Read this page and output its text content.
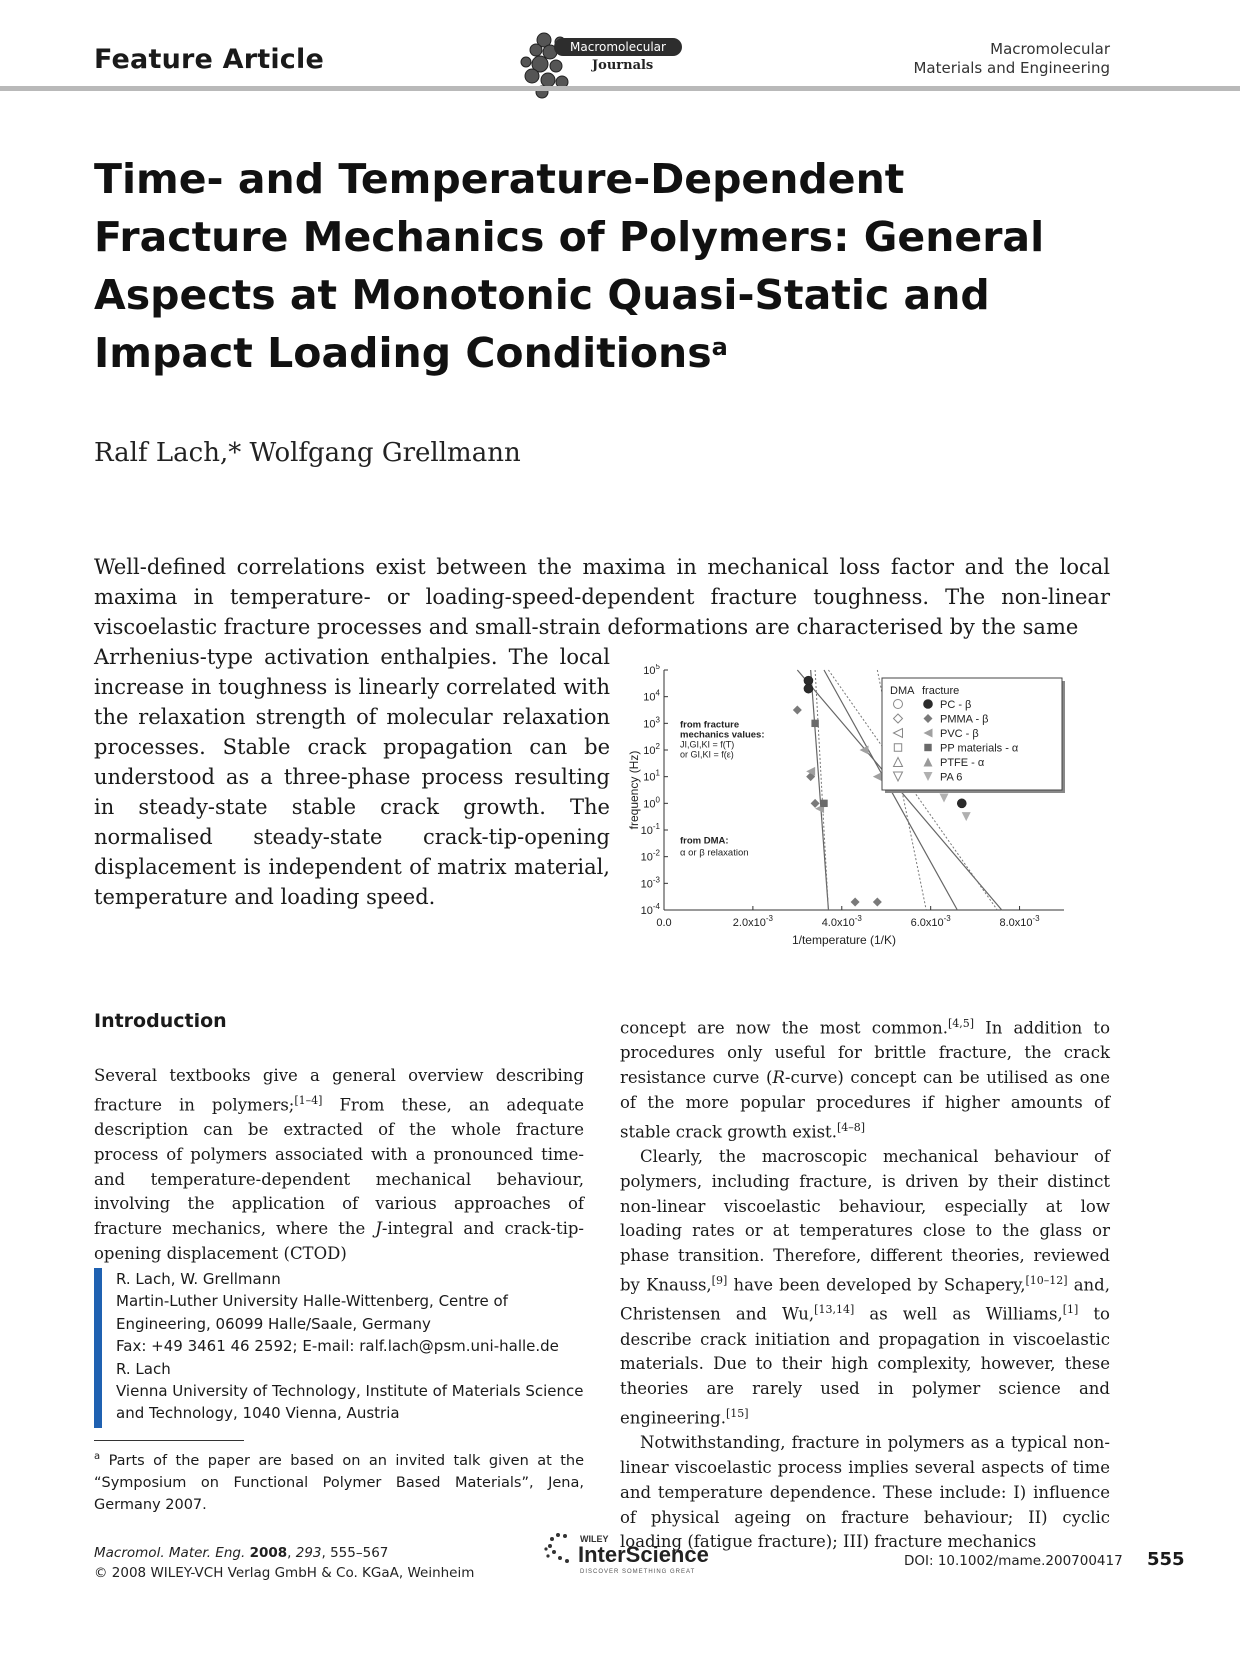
Feature Article	Macromolecular
Journals
Macromolecular
Materials and Engineering
Time- and Temperature-Dependent Fracture Mechanics of Polymers: General Aspects at Monotonic Quasi-Static and Impact Loading Conditions$^a$
Ralf Lach,* Wolfgang Grellmann
Well-defined correlations exist between the maxima in mechanical loss factor and the local maxima in temperature- or loading-speed-dependent fracture toughness. The non-linear viscoelastic fracture processes and small-strain deformations are characterised by the same
Arrhenius-type activation enthalpies. The local increase in toughness is linearly correlated with the relaxation strength of molecular relaxation processes. Stable crack propagation can be understood as a three-phase process resulting in steady-state stable crack growth. The normalised steady-state crack-tip-opening displacement is independent of matrix material, temperature and loading speed.
$10^{-4}$
$10^{-3}$
$10^{-2}$
$10^{-1}$
$10^0$
$10^1$
$10^2$
$10^3$
$10^4$
$10^5$
0.0	$2.0x10^{-3}$	$4.0x10^{-3}$	$6.0x10^{-3}$	$8.0x10^{-3}$
1/temperature (1/K)
frequency (Hz)
from fracture
mechanics values:
JI,GI,KI = f(T)
or GI,KI = f(ε)
from DMA:
α or β relaxation
DMA fracture
PC - β
PMMA - β
PVC - β
PP materials - α
PTFE - α
PA 6
Introduction
Several textbooks give a general overview describing fracture in polymers;[1–4] From these, an adequate description can be extracted of the whole fracture process of polymers associated with a pronounced time- and temperature-dependent mechanical behaviour, involving the application of various approaches of fracture mechanics, where the J-integral and crack-tip-opening displacement (CTOD)
R. Lach, W. Grellmann
Martin-Luther University Halle-Wittenberg, Centre of
Engineering, 06099 Halle/Saale, Germany
Fax: +49 3461 46 2592; E-mail: ralf.lach@psm.uni-halle.de
R. Lach
Vienna University of Technology, Institute of Materials Science
and Technology, 1040 Vienna, Austria
$^a$ Parts of the paper are based on an invited talk given at the “Symposium on Functional Polymer Based Materials”, Jena, Germany 2007.

concept are now the most common.[4,5] In addition to procedures only useful for brittle fracture, the crack resistance curve (R-curve) concept can be utilised as one of the more popular procedures if higher amounts of stable crack growth exist.[4–8]

Clearly, the macroscopic mechanical behaviour of polymers, including fracture, is driven by their distinct non-linear viscoelastic behaviour, especially at low loading rates or at temperatures close to the glass or phase transition. Therefore, different theories, reviewed by Knauss,[9] have been developed by Schapery,[10–12] and, Christensen and Wu,[13,14] as well as Williams,[1] to describe crack initiation and propagation in viscoelastic materials. Due to their high complexity, however, these theories are rarely used in polymer science and engineering.[15]

Notwithstanding, fracture in polymers as a typical non-linear viscoelastic process implies several aspects of time and temperature dependence. These include: I) influence of physical ageing on fracture behaviour; II) cyclic loading (fatigue fracture); III) fracture mechanics

Macromol. Mater. Eng. 2008, 293, 555–567
© 2008 WILEY-VCH Verlag GmbH & Co. KGaA, Weinheim
WILEY
InterScience
DISCOVER SOMETHING GREAT
DOI: 10.1002/mame.200700417 555
